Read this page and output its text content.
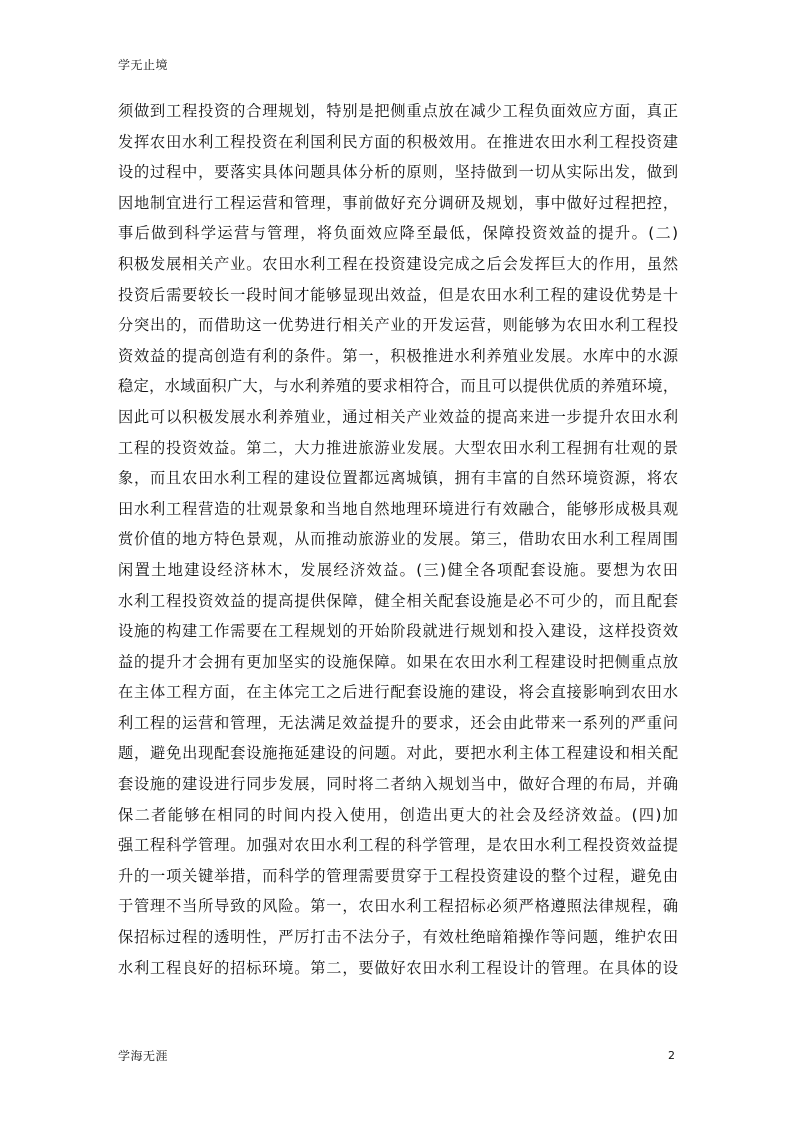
学无止境
须做到工程投资的合理规划，特别是把侧重点放在减少工程负面效应方面，真正
发挥农田水利工程投资在利国利民方面的积极效用。在推进农田水利工程投资建
设的过程中，要落实具体问题具体分析的原则，坚持做到一切从实际出发，做到
因地制宜进行工程运营和管理，事前做好充分调研及规划，事中做好过程把控，
事后做到科学运营与管理，将负面效应降至最低，保障投资效益的提升。(二)
积极发展相关产业。农田水利工程在投资建设完成之后会发挥巨大的作用，虽然
投资后需要较长一段时间才能够显现出效益，但是农田水利工程的建设优势是十
分突出的，而借助这一优势进行相关产业的开发运营，则能够为农田水利工程投
资效益的提高创造有利的条件。第一，积极推进水利养殖业发展。水库中的水源
稳定，水域面积广大，与水利养殖的要求相符合，而且可以提供优质的养殖环境，
因此可以积极发展水利养殖业，通过相关产业效益的提高来进一步提升农田水利
工程的投资效益。第二，大力推进旅游业发展。大型农田水利工程拥有壮观的景
象，而且农田水利工程的建设位置都远离城镇，拥有丰富的自然环境资源，将农
田水利工程营造的壮观景象和当地自然地理环境进行有效融合，能够形成极具观
赏价值的地方特色景观，从而推动旅游业的发展。第三，借助农田水利工程周围
闲置土地建设经济林木，发展经济效益。(三)健全各项配套设施。要想为农田
水利工程投资效益的提高提供保障，健全相关配套设施是必不可少的，而且配套
设施的构建工作需要在工程规划的开始阶段就进行规划和投入建设，这样投资效
益的提升才会拥有更加坚实的设施保障。如果在农田水利工程建设时把侧重点放
在主体工程方面，在主体完工之后进行配套设施的建设，将会直接影响到农田水
利工程的运营和管理，无法满足效益提升的要求，还会由此带来一系列的严重问
题，避免出现配套设施拖延建设的问题。对此，要把水利主体工程建设和相关配
套设施的建设进行同步发展，同时将二者纳入规划当中，做好合理的布局，并确
保二者能够在相同的时间内投入使用，创造出更大的社会及经济效益。(四)加
强工程科学管理。加强对农田水利工程的科学管理，是农田水利工程投资效益提
升的一项关键举措，而科学的管理需要贯穿于工程投资建设的整个过程，避免由
于管理不当所导致的风险。第一，农田水利工程招标必须严格遵照法律规程，确
保招标过程的透明性，严厉打击不法分子，有效杜绝暗箱操作等问题，维护农田
水利工程良好的招标环境。第二，要做好农田水利工程设计的管理。在具体的设
学海无涯	2
